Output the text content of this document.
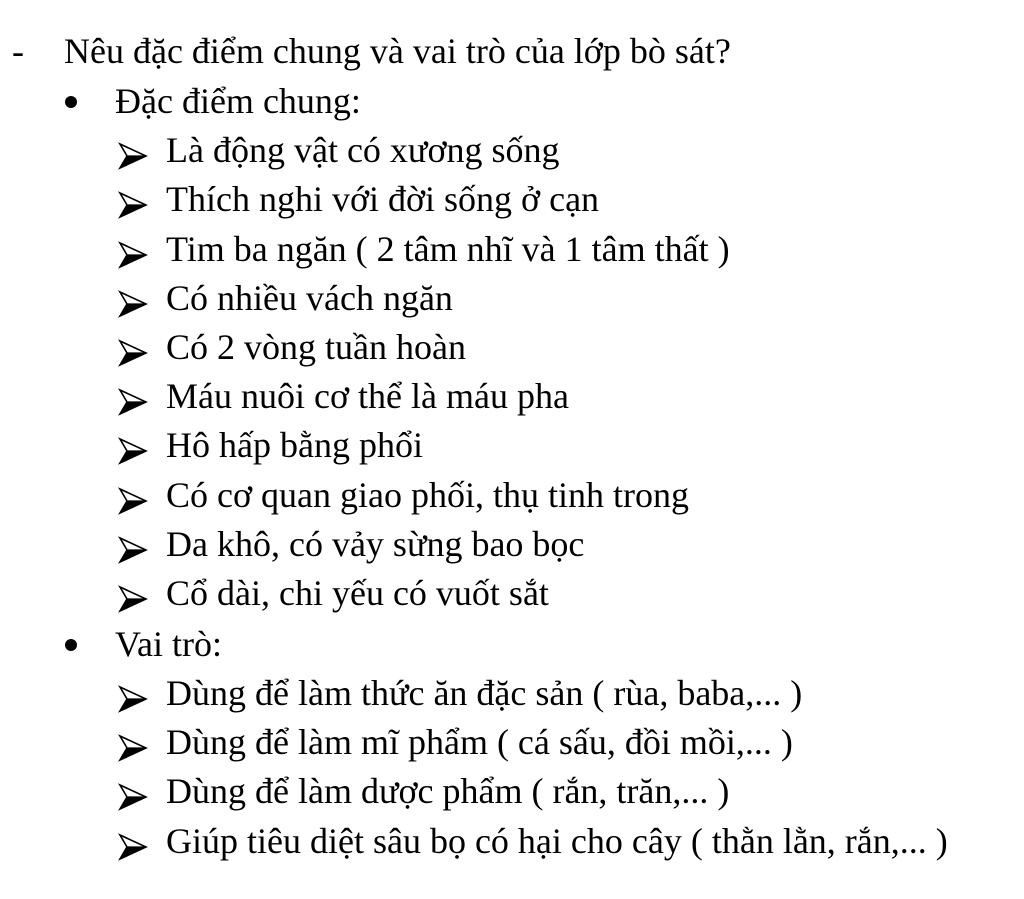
- Nêu đặc điểm chung và vai trò của lớp bò sát?
Đặc điểm chung:
Là động vật có xương sống
Thích nghi với đời sống ở cạn
Tim ba ngăn ( 2 tâm nhĩ và 1 tâm thất )
Có nhiều vách ngăn
Có 2 vòng tuần hoàn
Máu nuôi cơ thể là máu pha
Hô hấp bằng phổi
Có cơ quan giao phối, thụ tinh trong
Da khô, có vảy sừng bao bọc
Cổ dài, chi yếu có vuốt sắt
Vai trò:
Dùng để làm thức ăn đặc sản ( rùa, baba,... )
Dùng để làm mĩ phẩm ( cá sấu, đồi mồi,... )
Dùng để làm dược phẩm ( rắn, trăn,... )
Giúp tiêu diệt sâu bọ có hại cho cây ( thằn lằn, rắn,... )
